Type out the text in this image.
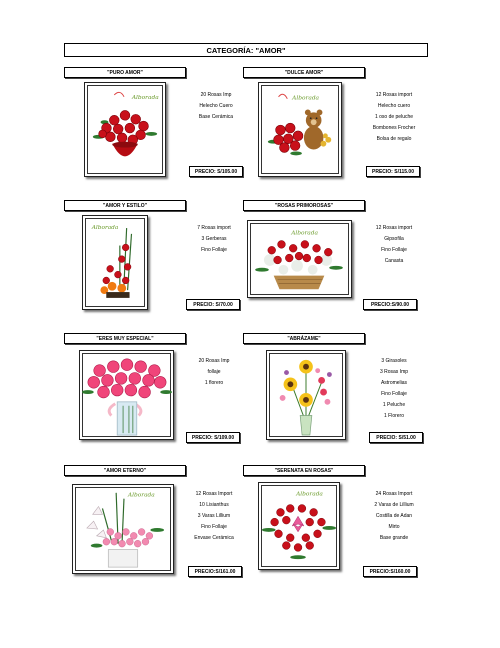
CATEGORÍA: "AMOR"
"PURO AMOR"
Alborada	20 Rosas Imp
Helecho Cuero
Base Cerámica
PRECIO: S/105.00
"DULCE AMOR"
Alborada
12 Rosas import
Helecho cuero
1 oso de peluche
Bombones Frocher
Bolsa de regalo
PRECIO: S/115.00
"AMOR Y ESTILO"
Alborada	7 Rosas import
3 Gerberas
Fino Follaje
PRECIO: S/70.00
"ROSAS PRIMOROSAS"
Alborada
12 Rosas import
Gipsofila
Fino Follaje
Canasta
PRECIO:S/90.00
"ERES MUY ESPECIAL"
20 Rosas Imp
follaje
1 florero
PRECIO: S/109.00
"ABRÁZAME"
3 Girasoles
3 Rosas Imp
Astromelias
Fino Follaje
1 Peluche
1 Florero
PRECIO: S/51.00
"AMOR ETERNO"
Alborada	12 Rosas Import
10 Lisianthus
3 Varas Lillium
Fino Follaje
Envase Cerámica
PRECIO:S/161.00
"SERENATA EN ROSAS"
Alborada	24 Rosas Import
2 Varas de Lillium
Costilla de Adan
Mirto
Base grande
PRECIO:S/160.00
